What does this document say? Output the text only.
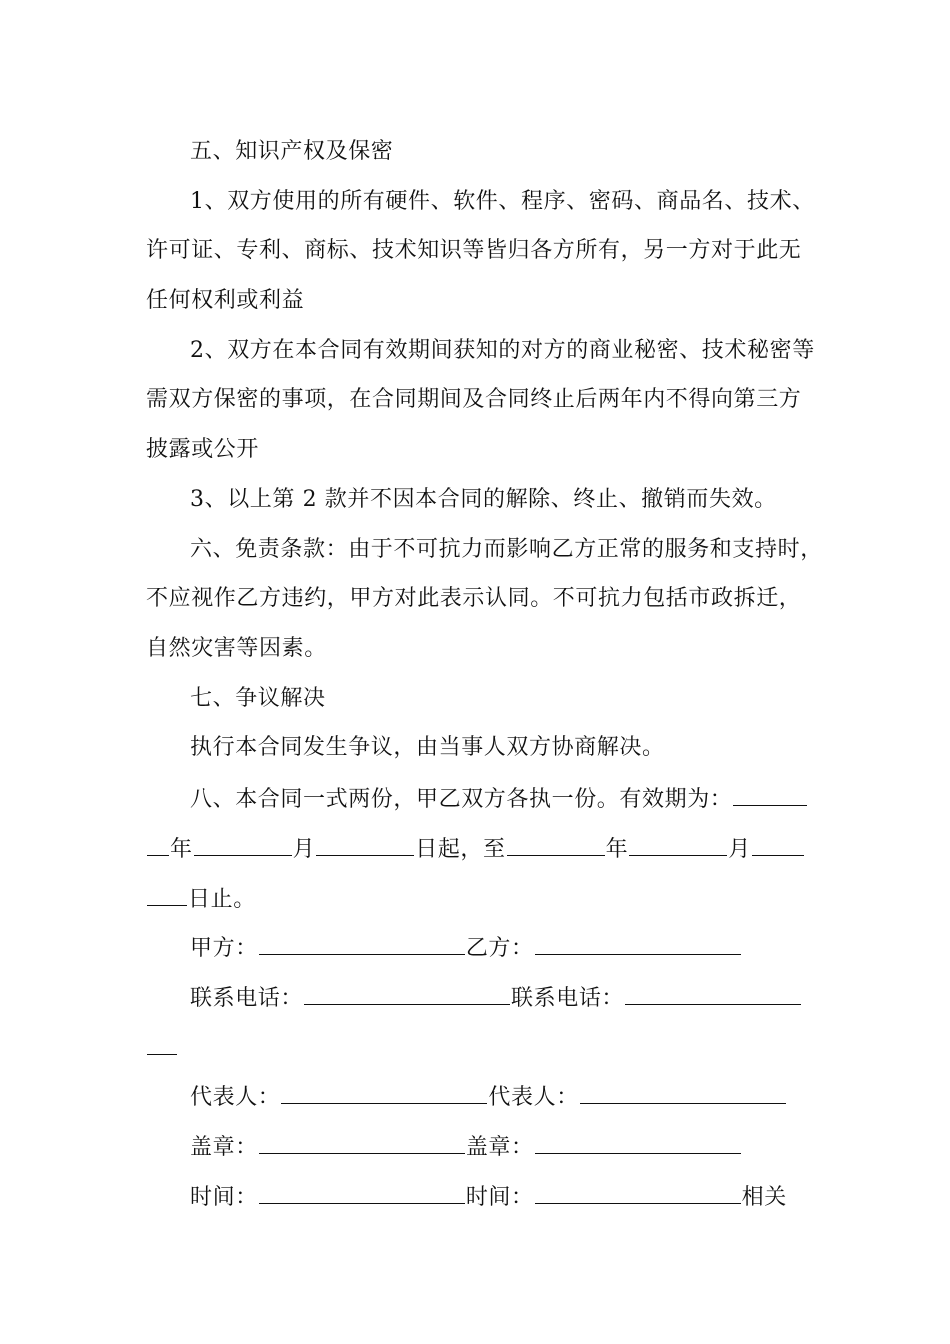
五、知识产权及保密
1、双方使用的所有硬件、软件、程序、密码、商品名、技术、
许可证、专利、商标、技术知识等皆归各方所有，另一方对于此无
任何权利或利益
2、双方在本合同有效期间获知的对方的商业秘密、技术秘密等
需双方保密的事项，在合同期间及合同终止后两年内不得向第三方
披露或公开
3、以上第 2 款并不因本合同的解除、终止、撤销而失效。
六、免责条款：由于不可抗力而影响乙方正常的服务和支持时，
不应视作乙方违约，甲方对此表示认同。不可抗力包括市政拆迁，
自然灾害等因素。
七、争议解决
执行本合同发生争议，由当事人双方协商解决。
八、本合同一式两份，甲乙双方各执一份。有效期为：
年	月	日起，至	年	月
日止。
甲方：	乙方：
联系电话：	联系电话：
代表人：	代表人：
盖章：	盖章：
时间：	时间：	相关
